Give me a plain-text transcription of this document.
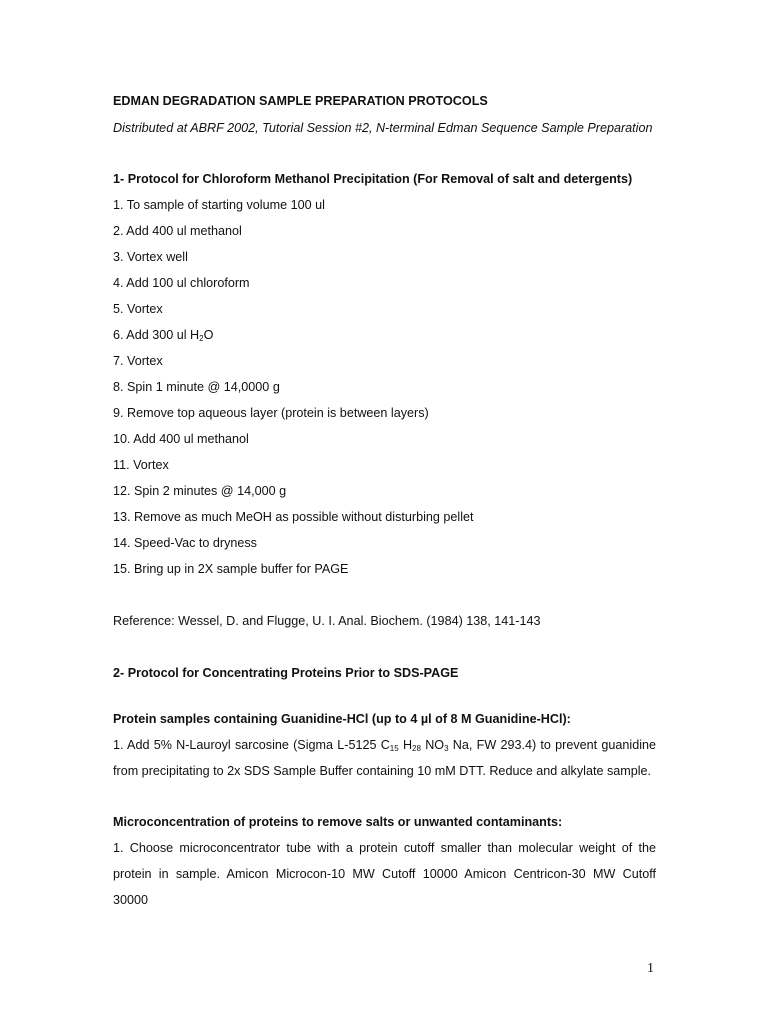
EDMAN DEGRADATION SAMPLE PREPARATION PROTOCOLS
Distributed at ABRF 2002, Tutorial Session #2, N-terminal Edman Sequence Sample Preparation
1- Protocol for Chloroform Methanol Precipitation (For Removal of salt and detergents)
1. To sample of starting volume 100 ul
2. Add 400 ul methanol
3. Vortex well
4. Add 100 ul chloroform
5. Vortex
6. Add 300 ul $H_2O$
7. Vortex
8. Spin 1 minute @ 14,0000 g
9. Remove top aqueous layer (protein is between layers)
10. Add 400 ul methanol
11. Vortex
12. Spin 2 minutes @ 14,000 g
13. Remove as much MeOH as possible without disturbing pellet
14. Speed-Vac to dryness
15. Bring up in 2X sample buffer for PAGE
Reference: Wessel, D. and Flugge, U. I. Anal. Biochem. (1984) 138, 141-143
2- Protocol for Concentrating Proteins Prior to SDS-PAGE
Protein samples containing Guanidine-HCl (up to 4 µl of 8 M Guanidine-HCl):
1. Add 5% N-Lauroyl sarcosine (Sigma L-5125 $C_{15}$ $H_{28}$ $NO_3$ Na, FW 293.4) to prevent guanidine
from precipitating to 2x SDS Sample Buffer containing 10 mM DTT. Reduce and alkylate sample.
Microconcentration of proteins to remove salts or unwanted contaminants:
1. Choose microconcentrator tube with a protein cutoff smaller than molecular weight of the
protein in sample. Amicon Microcon-10 MW Cutoff 10000 Amicon Centricon-30 MW Cutoff
30000
1
